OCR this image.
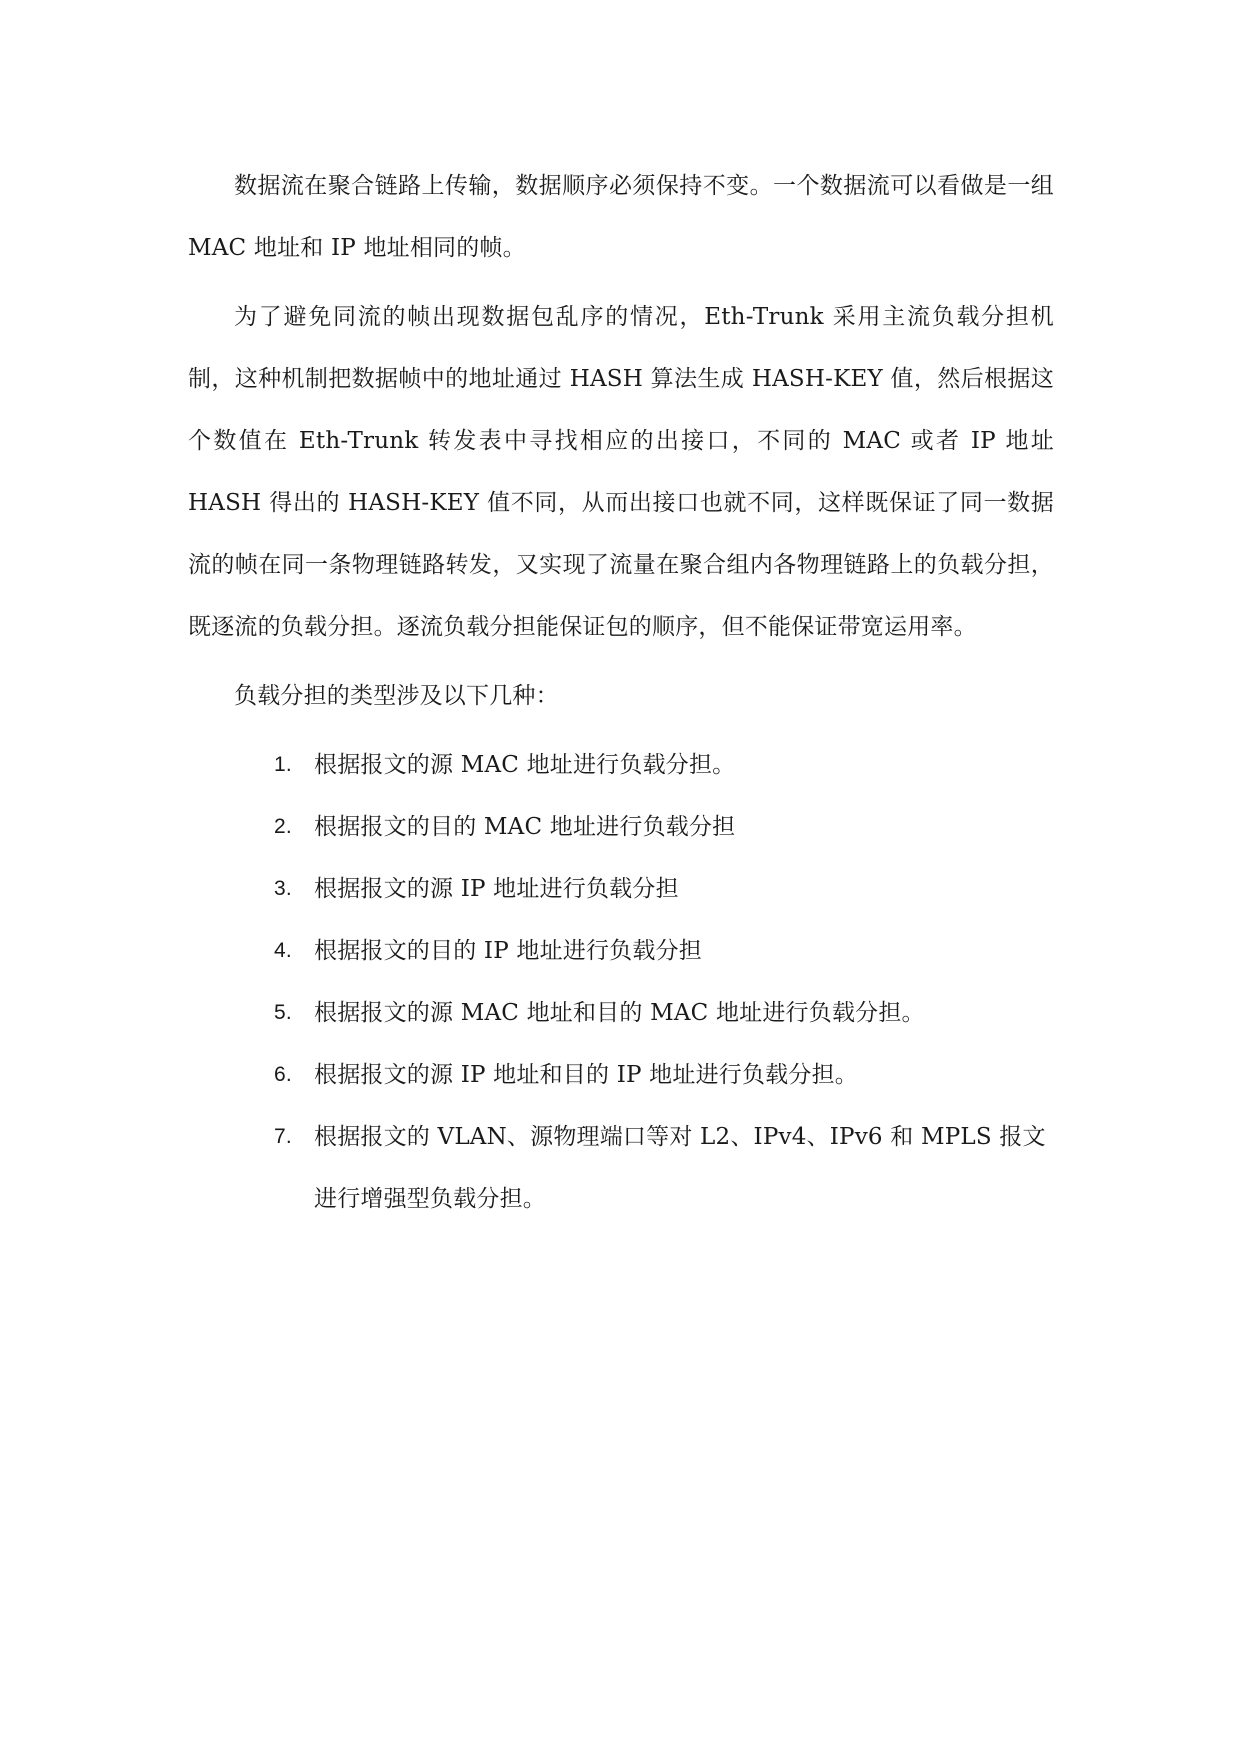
数据流在聚合链路上传输，数据顺序必须保持不变。一个数据流可以看做是一组 MAC 地址和 IP 地址相同的帧。

为了避免同流的帧出现数据包乱序的情况，Eth-Trunk 采用主流负载分担机制，这种机制把数据帧中的地址通过 HASH 算法生成 HASH-KEY 值，然后根据这个数值在 Eth-Trunk 转发表中寻找相应的出接口，不同的 MAC 或者 IP 地址 HASH 得出的 HASH-KEY 值不同，从而出接口也就不同，这样既保证了同一数据流的帧在同一条物理链路转发，又实现了流量在聚合组内各物理链路上的负载分担，既逐流的负载分担。逐流负载分担能保证包的顺序，但不能保证带宽运用率。

负载分担的类型涉及以下几种：

1. 根据报文的源 MAC 地址进行负载分担。
2. 根据报文的目的 MAC 地址进行负载分担
3. 根据报文的源 IP 地址进行负载分担
4. 根据报文的目的 IP 地址进行负载分担
5. 根据报文的源 MAC 地址和目的 MAC 地址进行负载分担。
6. 根据报文的源 IP 地址和目的 IP 地址进行负载分担。
7. 根据报文的 VLAN、源物理端口等对 L2、IPv4、IPv6 和 MPLS 报文进行增强型负载分担。
